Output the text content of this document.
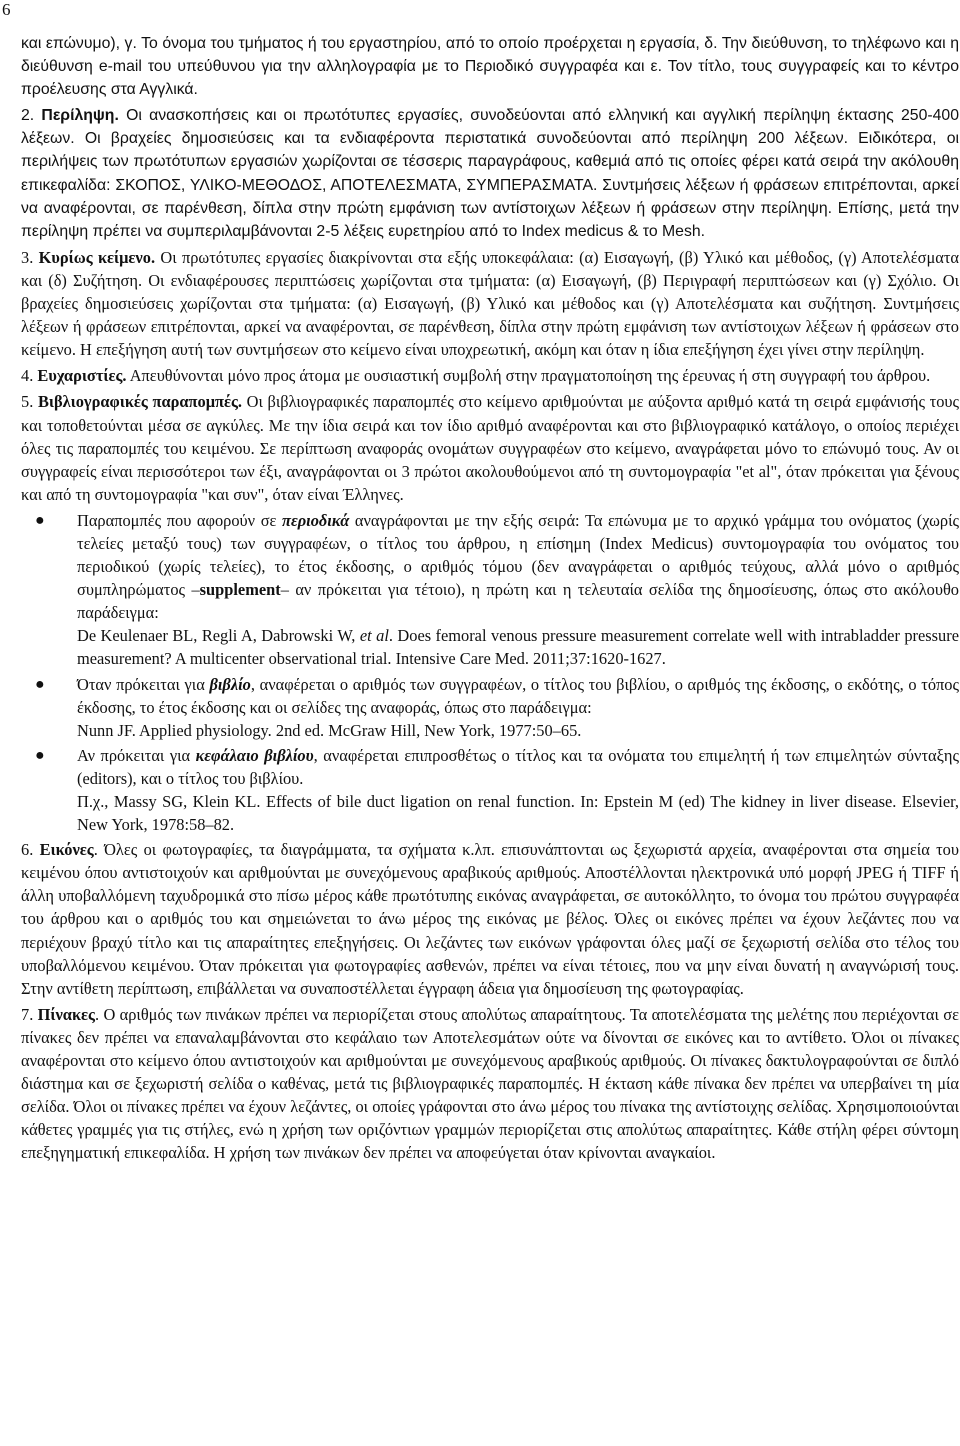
6

και επώνυμο), γ. Το όνομα του τμήματος ή του εργαστηρίου, από το οποίο προέρχεται η εργασία, δ. Την διεύθυνση, το τηλέφωνο και η διεύθυνση e-mail του υπεύθυνου για την αλληλογραφία με το Περιοδικό συγγραφέα και ε. Τον τίτλο, τους συγγραφείς και το κέντρο προέλευσης στα Αγγλικά.

2. Περίληψη. Οι ανασκοπήσεις και οι πρωτότυπες εργασίες, συνοδεύονται από ελληνική και αγγλική περίληψη έκτασης 250-400 λέξεων. Οι βραχείες δημοσιεύσεις και τα ενδιαφέροντα περιστατικά συνοδεύονται από περίληψη 200 λέξεων. Ειδικότερα, οι περιλήψεις των πρωτότυπων εργασιών χωρίζονται σε τέσσερις παραγράφους, καθεμιά από τις οποίες φέρει κατά σειρά την ακόλουθη επικεφαλίδα: ΣΚΟΠΟΣ, ΥΛΙΚΟ-ΜΕΘΟΔΟΣ, ΑΠΟΤΕΛΕΣΜΑΤΑ, ΣΥΜΠΕΡΑΣΜΑΤΑ. Συντμήσεις λέξεων ή φράσεων επιτρέπονται, αρκεί να αναφέρονται, σε παρένθεση, δίπλα στην πρώτη εμφάνιση των αντίστοιχων λέξεων ή φράσεων στην περίληψη. Επίσης, μετά την περίληψη πρέπει να συμπεριλαμβάνονται 2-5 λέξεις ευρετηρίου από το Index medicus & το Mesh.

3. Κυρίως κείμενο. Οι πρωτότυπες εργασίες διακρίνονται στα εξής υποκεφάλαια: (α) Εισαγωγή, (β) Υλικό και μέθοδος, (γ) Αποτελέσματα και (δ) Συζήτηση. Οι ενδιαφέρουσες περιπτώσεις χωρίζονται στα τμήματα: (α) Εισαγωγή, (β) Περιγραφή περιπτώσεων και (γ) Σχόλιο. Οι βραχείες δημοσιεύσεις χωρίζονται στα τμήματα: (α) Εισαγωγή, (β) Υλικό και μέθοδος και (γ) Αποτελέσματα και συζήτηση. Συντμήσεις λέξεων ή φράσεων επιτρέπονται, αρκεί να αναφέρονται, σε παρένθεση, δίπλα στην πρώτη εμφάνιση των αντίστοιχων λέξεων ή φράσεων στο κείμενο. Η επεξήγηση αυτή των συντμήσεων στο κείμενο είναι υποχρεωτική, ακόμη και όταν η ίδια επεξήγηση έχει γίνει στην περίληψη.

4. Ευχαριστίες. Απευθύνονται μόνο προς άτομα με ουσιαστική συμβολή στην πραγματοποίηση της έρευνας ή στη συγγραφή του άρθρου.

5. Βιβλιογραφικές παραπομπές. Οι βιβλιογραφικές παραπομπές στο κείμενο αριθμούνται με αύξοντα αριθμό κατά τη σειρά εμφάνισής τους και τοποθετούνται μέσα σε αγκύλες. Με την ίδια σειρά και τον ίδιο αριθμό αναφέρονται και στο βιβλιογραφικό κατάλογο, ο οποίος περιέχει όλες τις παραπομπές του κειμένου. Σε περίπτωση αναφοράς ονομάτων συγγραφέων στο κείμενο, αναγράφεται μόνο το επώνυμό τους. Αν οι συγγραφείς είναι περισσότεροι των έξι, αναγράφονται οι 3 πρώτοι ακολουθούμενοι από τη συντομογραφία "et al", όταν πρόκειται για ξένους και από τη συντομογραφία "και συν", όταν είναι Έλληνες.

● Παραπομπές που αφορούν σε περιοδικά αναγράφονται με την εξής σειρά: Τα επώνυμα με το αρχικό γράμμα του ονόματος (χωρίς τελείες μεταξύ τους) των συγγραφέων, ο τίτλος του άρθρου, η επίσημη (Index Medicus) συντομογραφία του ονόματος του περιοδικού (χωρίς τελείες), το έτος έκδοσης, ο αριθμός τόμου (δεν αναγράφεται ο αριθμός τεύχους, αλλά μόνο ο αριθμός συμπληρώματος –supplement– αν πρόκειται για τέτοιο), η πρώτη και η τελευταία σελίδα της δημοσίευσης, όπως στο ακόλουθο παράδειγμα:
De Keulenaer BL, Regli A, Dabrowski W, et al. Does femoral venous pressure measurement correlate well with intrabladder pressure measurement? A multicenter observational trial. Intensive Care Med. 2011;37:1620-1627.
● Όταν πρόκειται για βιβλίο, αναφέρεται ο αριθμός των συγγραφέων, ο τίτλος του βιβλίου, ο αριθμός της έκδοσης, ο εκδότης, ο τόπος έκδοσης, το έτος έκδοσης και οι σελίδες της αναφοράς, όπως στο παράδειγμα:
Nunn JF. Applied physiology. 2nd ed. McGraw Hill, New York, 1977:50–65.
● Αν πρόκειται για κεφάλαιο βιβλίου, αναφέρεται επιπροσθέτως ο τίτλος και τα ονόματα του επιμελητή ή των επιμελητών σύνταξης (editors), και ο τίτλος του βιβλίου.
Π.χ., Massy SG, Klein KL. Effects of bile duct ligation on renal function. In: Epstein M (ed) The kidney in liver disease. Elsevier, New York, 1978:58–82.

6. Εικόνες. Όλες οι φωτογραφίες, τα διαγράμματα, τα σχήματα κ.λπ. επισυνάπτονται ως ξεχωριστά αρχεία, αναφέρονται στα σημεία του κειμένου όπου αντιστοιχούν και αριθμούνται με συνεχόμενους αραβικούς αριθμούς. Αποστέλλονται ηλεκτρονικά υπό μορφή JPEG ή TIFF ή άλλη υποβαλλόμενη ταχυδρομικά στο πίσω μέρος κάθε πρωτότυπης εικόνας αναγράφεται, σε αυτοκόλλητο, το όνομα του πρώτου συγγραφέα του άρθρου και ο αριθμός του και σημειώνεται το άνω μέρος της εικόνας με βέλος. Όλες οι εικόνες πρέπει να έχουν λεζάντες που να περιέχουν βραχύ τίτλο και τις απαραίτητες επεξηγήσεις. Οι λεζάντες των εικόνων γράφονται όλες μαζί σε ξεχωριστή σελίδα στο τέλος του υποβαλλόμενου κειμένου. Όταν πρόκειται για φωτογραφίες ασθενών, πρέπει να είναι τέτοιες, που να μην είναι δυνατή η αναγνώρισή τους. Στην αντίθετη περίπτωση, επιβάλλεται να συναποστέλλεται έγγραφη άδεια για δημοσίευση της φωτογραφίας.

7. Πίνακες. Ο αριθμός των πινάκων πρέπει να περιορίζεται στους απολύτως απαραίτητους. Τα αποτελέσματα της μελέτης που περιέχονται σε πίνακες δεν πρέπει να επαναλαμβάνονται στο κεφάλαιο των Αποτελεσμάτων ούτε να δίνονται σε εικόνες και το αντίθετο. Όλοι οι πίνακες αναφέρονται στο κείμενο όπου αντιστοιχούν και αριθμούνται με συνεχόμενους αραβικούς αριθμούς. Οι πίνακες δακτυλογραφούνται σε διπλό διάστημα και σε ξεχωριστή σελίδα ο καθένας, μετά τις βιβλιογραφικές παραπομπές. Η έκταση κάθε πίνακα δεν πρέπει να υπερβαίνει τη μία σελίδα. Όλοι οι πίνακες πρέπει να έχουν λεζάντες, οι οποίες γράφονται στο άνω μέρος του πίνακα της αντίστοιχης σελίδας. Χρησιμοποιούνται κάθετες γραμμές για τις στήλες, ενώ η χρήση των οριζόντιων γραμμών περιορίζεται στις απολύτως απαραίτητες. Κάθε στήλη φέρει σύντομη επεξηγηματική επικεφαλίδα. Η χρήση των πινάκων δεν πρέπει να αποφεύγεται όταν κρίνονται αναγκαίοι.
